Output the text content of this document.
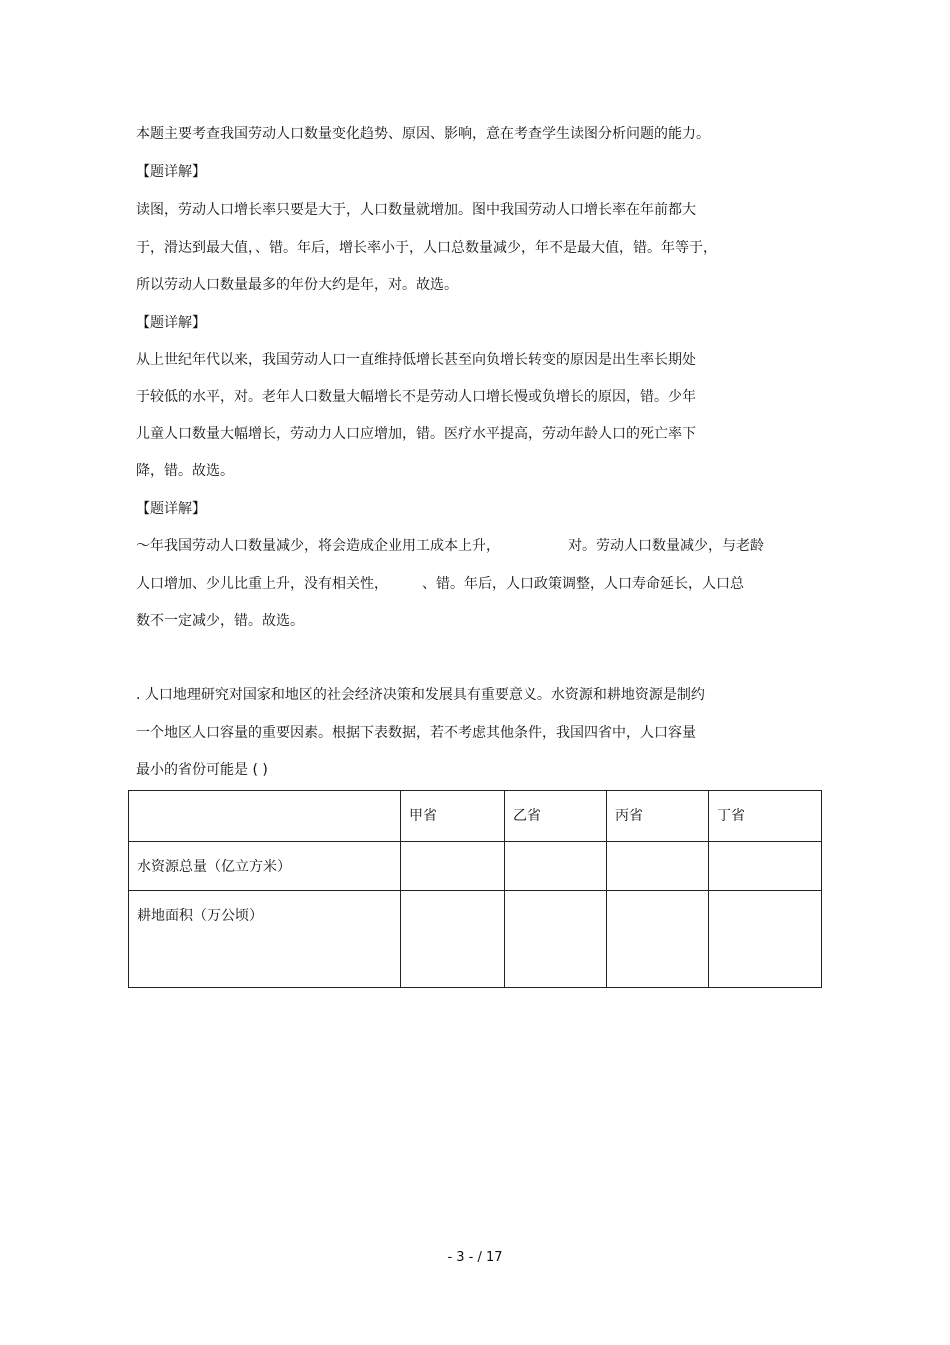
本题主要考查我国劳动人口数量变化趋势、原因、影响，意在考查学生读图分析问题的能力。
【题详解】
读图，劳动人口增长率只要是大于，人口数量就增加。图中我国劳动人口增长率在年前都大
于，滑达到最大值，、错。年后，增长率小于，人口总数量减少，年不是最大值，错。年等于，
所以劳动人口数量最多的年份大约是年，对。故选。
【题详解】
从上世纪年代以来，我国劳动人口一直维持低增长甚至向负增长转变的原因是出生率长期处
于较低的水平，对。老年人口数量大幅增长不是劳动人口增长慢或负增长的原因，错。少年
儿童人口数量大幅增长，劳动力人口应增加，错。医疗水平提高，劳动年龄人口的死亡率下
降，错。故选。
【题详解】
～年我国劳动人口数量减少，将会造成企业用工成本上升，	对。劳动人口数量减少，与老龄
人口增加、少儿比重上升，没有相关性， 、错。年后，人口政策调整，人口寿命延长，人口总
数不一定减少，错。故选。
. 人口地理研究对国家和地区的社会经济决策和发展具有重要意义。水资源和耕地资源是制约
一个地区人口容量的重要因素。根据下表数据，若不考虑其他条件，我国四省中，人口容量
最小的省份可能是 ( )

	甲省	乙省	丙省	丁省

水资源总量（亿立方米）				

耕地面积（万公顷）				

- 3 - / 17
